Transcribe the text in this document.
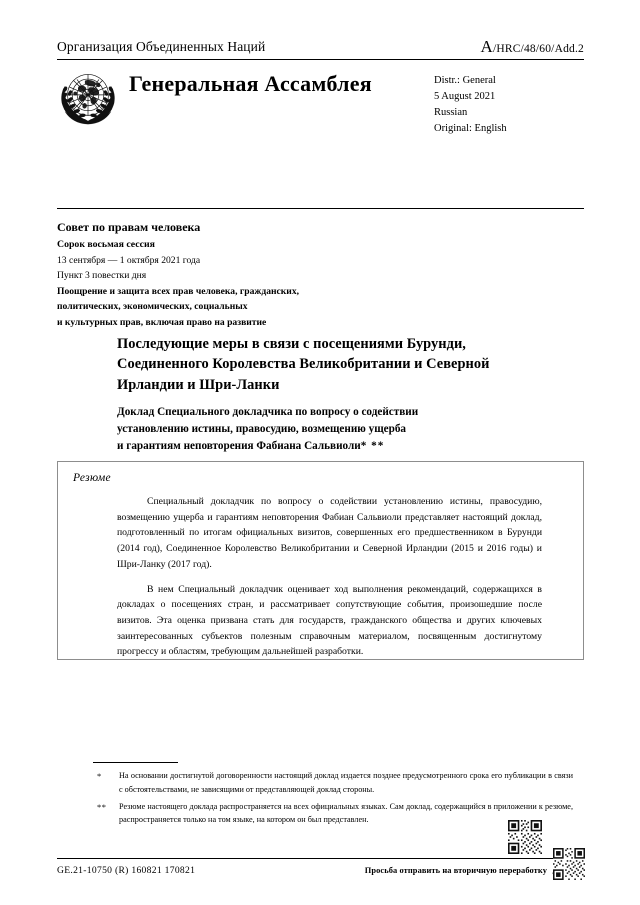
Организация Объединенных Наций	A/HRC/48/60/Add.2
Генеральная Ассамблея	Distr.: General
5 August 2021
Russian
Original: English
Совет по правам человека
Сорок восьмая сессия
13 сентября — 1 октября 2021 года
Пункт 3 повестки дня
Поощрение и защита всех прав человека, гражданских,
политических, экономических, социальных
и культурных прав, включая право на развитие
Последующие меры в связи с посещениями Бурунди,
Соединенного Королевства Великобритании и Северной
Ирландии и Шри-Ланки
Доклад Специального докладчика по вопросу о содействии
установлению истины, правосудию, возмещению ущерба
и гарантиям неповторения Фабиана Сальвиоли* **
Резюме

Специальный докладчик по вопросу о содействии установлению истины, правосудию, возмещению ущерба и гарантиям неповторения Фабиан Сальвиоли представляет настоящий доклад, подготовленный по итогам официальных визитов, совершенных его предшественником в Бурунди (2014 год), Соединенное Королевство Великобритании и Северной Ирландии (2015 и 2016 годы) и Шри-Ланку (2017 год).

В нем Специальный докладчик оценивает ход выполнения рекомендаций, содержащихся в докладах о посещениях стран, и рассматривает сопутствующие события, произошедшие после визитов. Эта оценка призвана стать для государств, гражданского общества и других ключевых заинтересованных субъектов полезным справочным материалом, посвященным достигнутому прогрессу и областям, требующим дальнейшей разработки.

*	На основании достигнутой договоренности настоящий доклад издается позднее предусмотренного срока его публикации в связи с обстоятельствами, не зависящими от представляющей доклад стороны.
**	Резюме настоящего доклада распространяется на всех официальных языках. Сам доклад, содержащийся в приложении к резюме, распространяется только на том языке, на котором он был представлен.
GE.21-10750 (R) 160821 170821	Просьба отправить на вторичную переработку
